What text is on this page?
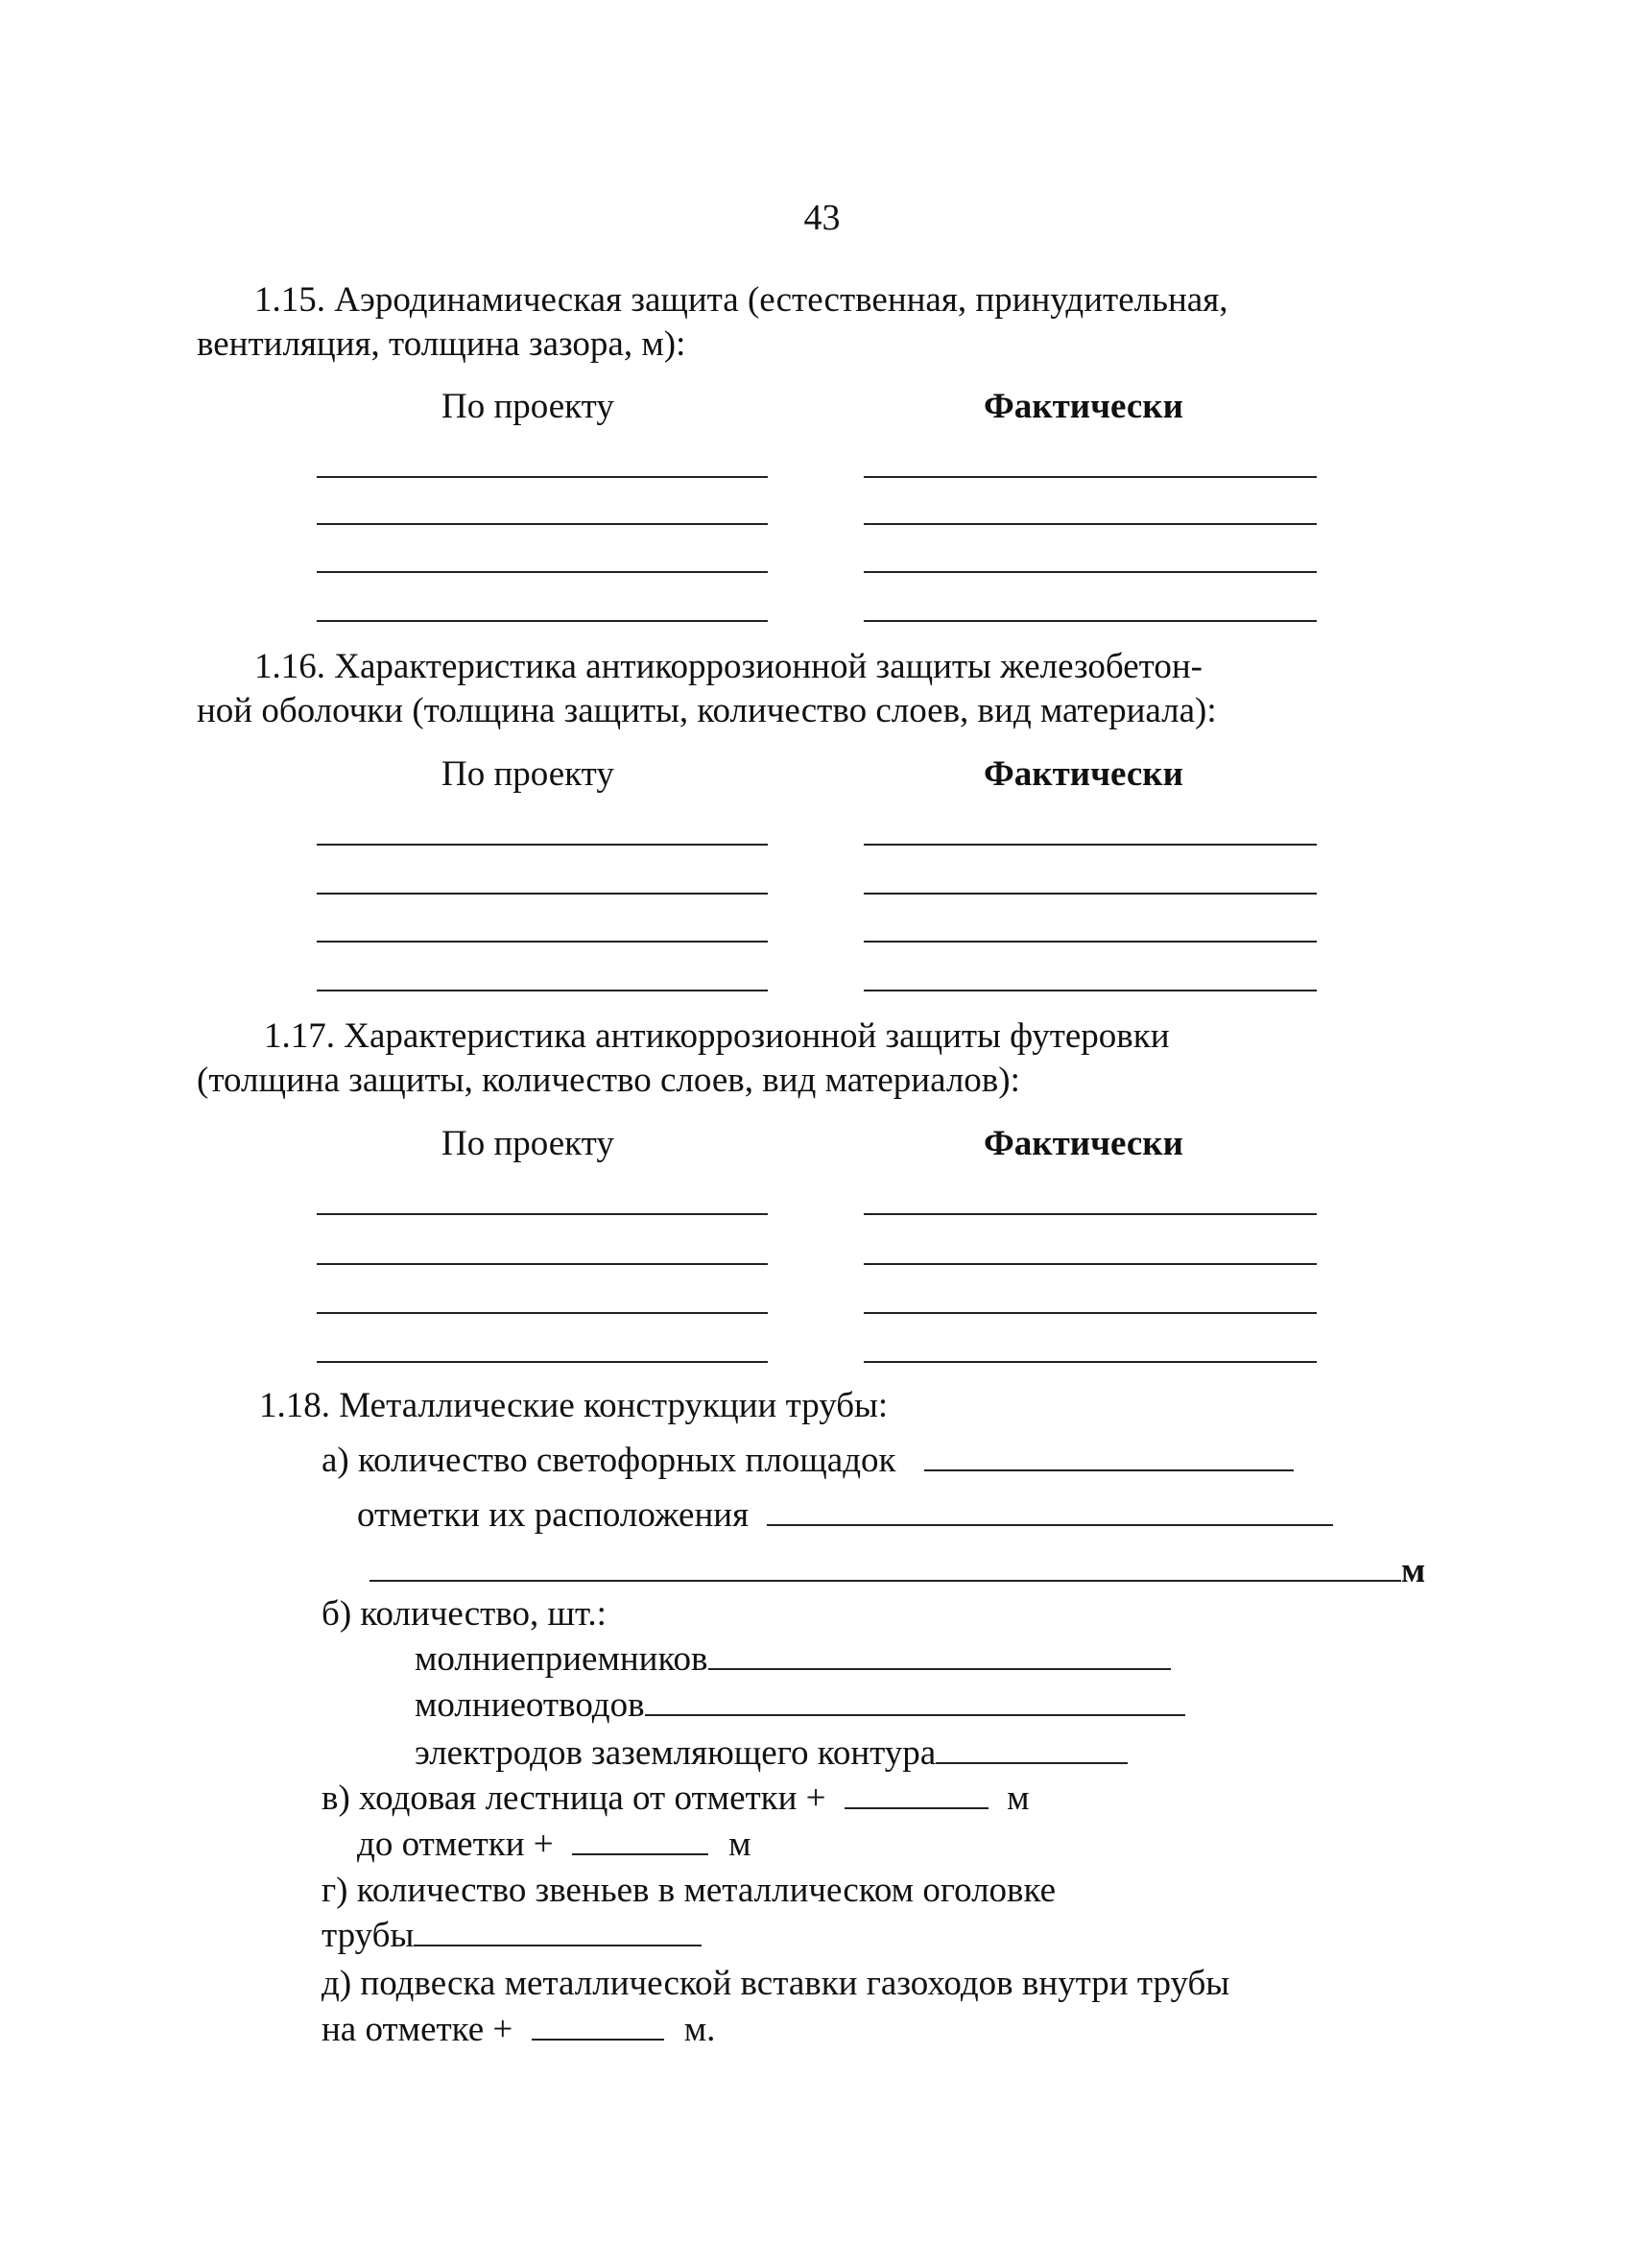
43
1.15. Аэродинамическая защита (естественная, принудительная,
вентиляция, толщина зазора, м):
По проекту	Фактически
1.16. Характеристика антикоррозионной защиты железобетон-
ной оболочки (толщина защиты, количество слоев, вид материала):
По проекту	Фактически
1.17. Характеристика антикоррозионной защиты футеровки
(толщина защиты, количество слоев, вид материалов):
По проекту	Фактически
1.18. Металлические конструкции трубы:
а) количество светофорных площадок
отметки их расположения
м
б) количество, шт.:
молниеприемников
молниеотводов
электродов заземляющего контура
в) ходовая лестница от отметки +	м
до отметки +	м
г) количество звеньев в металлическом оголовке
трубы
д) подвеска металлической вставки газоходов внутри трубы
на отметке +	м.
